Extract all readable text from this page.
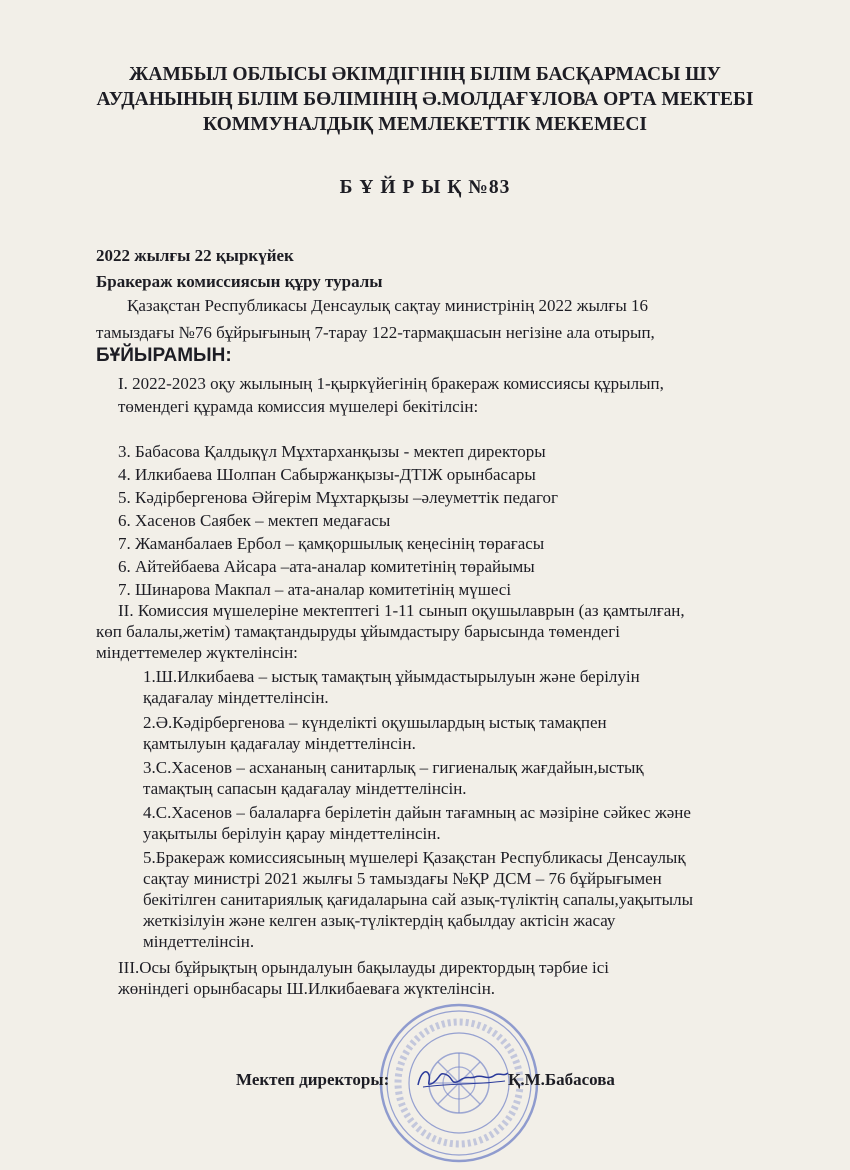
ЖАМБЫЛ ОБЛЫСЫ ӘКІМДІГІНІҢ БІЛІМ БАСҚАРМАСЫ ШУ
АУДАНЫНЫҢ БІЛІМ БӨЛІМІНІҢ Ә.МОЛДАҒҰЛОВА ОРТА МЕКТЕБІ
КОММУНАЛДЫҚ МЕМЛЕКЕТТІК МЕКЕМЕСІ
Б Ұ Й Р Ы Қ №83
2022 жылғы 22 қыркүйек
Бракераж комиссиясын құру туралы
Қазақстан Республикасы Денсаулық сақтау министрінің 2022 жылғы 16
тамыздағы №76 бұйрығының 7-тарау 122-тармақшасын негізіне ала отырып,
БҰЙЫРАМЫН:
I. 2022-2023 оқу жылының 1-қыркүйегінің бракераж комиссиясы құрылып,
төмендегі құрамда комиссия мүшелері бекітілсін:
3. Бабасова Қалдықүл Мұхтарханқызы - мектеп директоры
4. Илкибаева Шолпан Сабыржанқызы-ДТІЖ орынбасары
5. Кәдірбергенова Әйгерім Мұхтарқызы –әлеуметтік педагог
6. Хасенов Саябек – мектеп медағасы
7. Жаманбалаев Ербол – қамқоршылық кеңесінің төрағасы
6. Айтейбаева Айсара –ата-аналар комитетінің төрайымы
7. Шинарова Макпал – ата-аналар комитетінің мүшесі
II. Комиссия мүшелеріне мектептегі 1-11 сынып оқушылаврын (аз қамтылған,
көп балалы,жетім) тамақтандыруды ұйымдастыру барысында төмендегі
міндеттемелер жүктелінсін:
1.Ш.Илкибаева – ыстық тамақтың ұйымдастырылуын және берілуін
қадағалау міндеттелінсін.
2.Ә.Кәдірбергенова – күнделікті оқушылардың ыстық тамақпен
қамтылуын қадағалау міндеттелінсін.
3.С.Хасенов – асхананың санитарлық – гигиеналық жағдайын,ыстық
тамақтың сапасын қадағалау міндеттелінсін.
4.С.Хасенов – балаларға берілетін дайын тағамның ас мәзіріне сәйкес және
уақытылы берілуін қарау міндеттелінсін.
5.Бракераж комиссиясының мүшелері Қазақстан Республикасы Денсаулық
сақтау министрі 2021 жылғы 5 тамыздағы №ҚР ДСМ – 76 бұйрығымен
бекітілген санитариялық қағидаларына сай азық-түліктің сапалы,уақытылы
жеткізілуін және келген азық-түліктердің қабылдау актісін жасау
міндеттелінсін.
III.Осы бұйрықтың орындалуын бақылауды директордың тәрбие ісі
жөніндегі орынбасары Ш.Илкибаеваға жүктелінсін.
Мектеп директоры:	Қ.М.Бабасова
